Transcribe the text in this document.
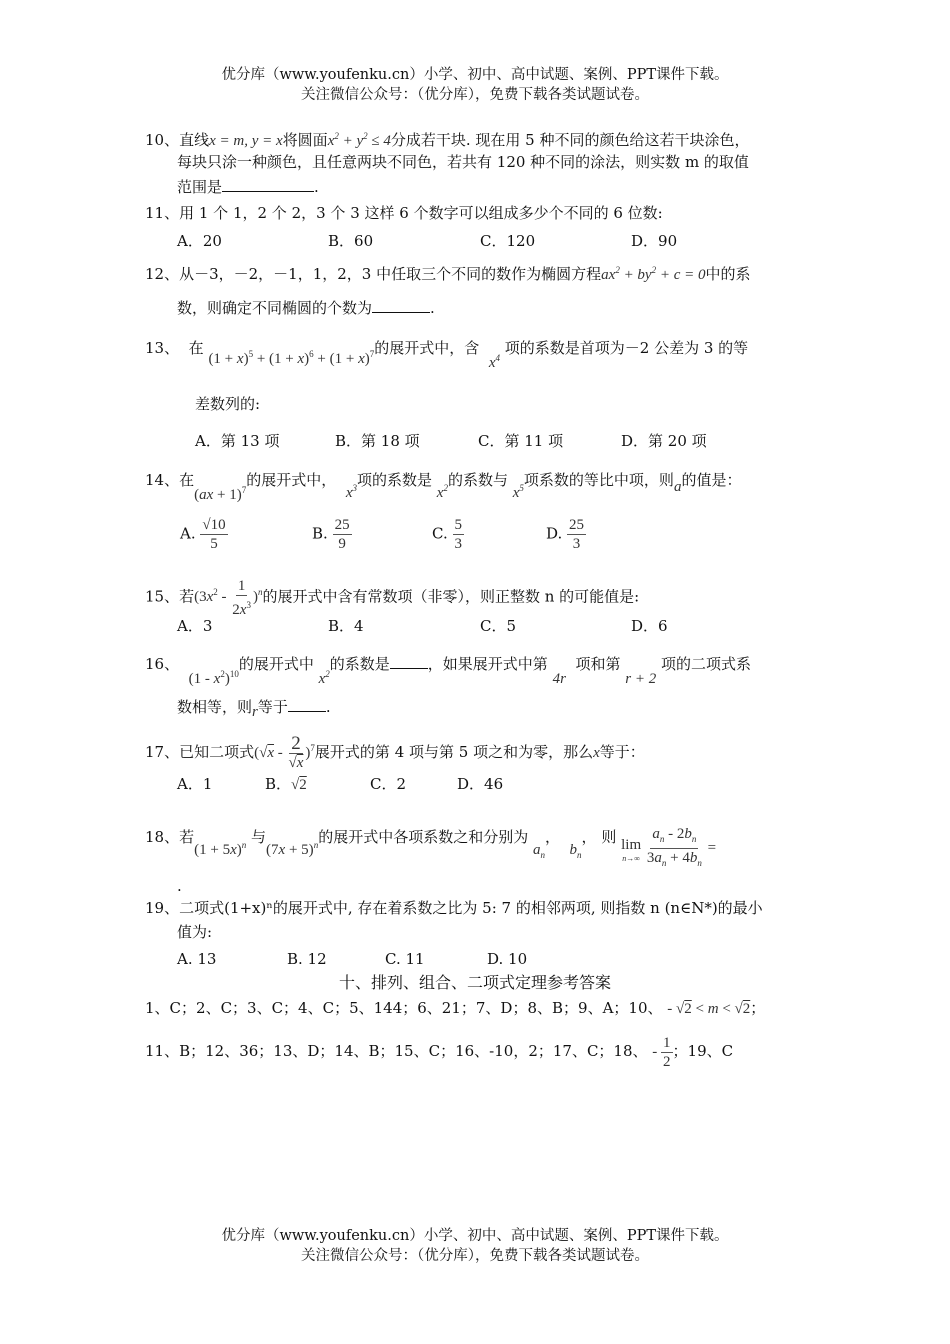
优分库（www.youfenku.cn）小学、初中、高中试题、案例、PPT课件下载。
关注微信公众号：（优分库），免费下载各类试题试卷。
10、直线x = m, y = x将圆面$x^2 + y^2 \le 4$分成若干块. 现在用 5 种不同的颜色给这若干块涂色，
每块只涂一种颜色，且任意两块不同色，若共有 120 种不同的涂法，则实数 m 的取值
范围是	.
11、用 1 个 1，2 个 2，3 个 3 这样 6 个数字可以组成多少个不同的 6 位数:
A．20	B．60	C．120	D．90
12、从－3，－2，－1，1，2，3 中任取三个不同的数作为椭圆方程$ax^2 + by^2 + c = 0$中的系
数，则确定不同椭圆的个数为	.
13、 在 $(1 + x)^5 + (1 + x)^6 + (1 + x)^7$的展开式中，含  $x^4$ 项的系数是首项为－2 公差为 3 的等
差数列的:
A．第 13 项	B．第 18 项	C．第 11 项	D．第 20 项
14、在(ax + 1)$^7$的展开式中，  $x^3$项的系数是 $x^2$的系数与 $x^5$项系数的等比中项，则a的值是：
A. $\frac{√10}{5}$	B. $\frac{25}{9}$	C. $\frac{5}{3}$	D. $\frac{25}{3}$
15、若$(3x^2 - \frac{1}{2x^3} )^n$的展开式中含有常数项（非零），则正整数 n 的可能值是:
A．3	B．4	C．5	D．6
16、  $(1 - x^2)^{10}$的展开式中 $x^2$的系数是	，如果展开式中第 4r  项和第 r + 2 项的二项式系
数相等，则r等于	.
17、已知二项式$(√x - \frac{2}{√x} )^7$展开式的第 4 项与第 5 项之和为零，那么x等于：
A．1	B．√2	C．2	D．46
18、若$(1 + 5x)^n$ 与$(7x + 5)^n$的展开式中各项系数之和分别为 $a_n$，  $b_n$， 则 lim
n→∞
$\frac{a_n - 2b_n}{3a_n + 4b_n}$ =
.
19、二项式(1+x)ⁿ的展开式中, 存在着系数之比为 5: 7 的相邻两项, 则指数 n (n∈N*)的最小
值为:
A. 13	B. 12	C. 11	D. 10
十、排列、组合、二项式定理参考答案
1、C；2、C；3、C；4、C；5、144；6、21；7、D；8、B；9、A；10、 - √2 < m < √2；
11、B；12、36；13、D；14、B；15、C；16、-10，2；17、C；18、 - $\frac{1}{2}$ ；19、C
优分库（www.youfenku.cn）小学、初中、高中试题、案例、PPT课件下载。
关注微信公众号：（优分库），免费下载各类试题试卷。
